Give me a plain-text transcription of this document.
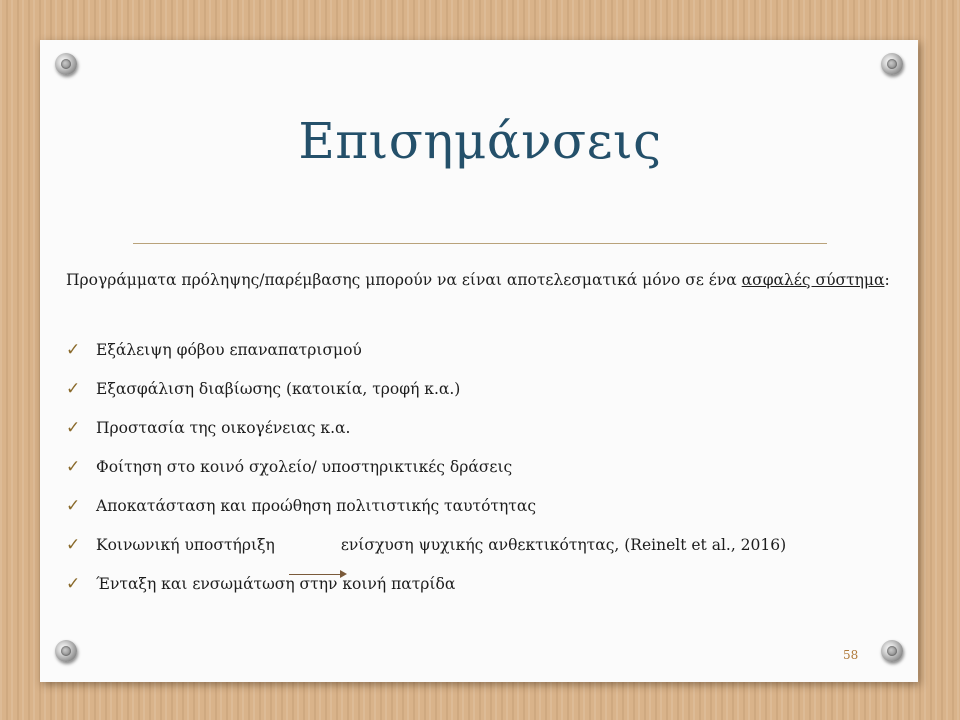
Επισημάνσεις
Προγράμματα πρόληψης/παρέμβασης μπορούν να είναι αποτελεσματικά μόνο σε ένα ασφαλές σύστημα:
✓	Εξάλειψη φόβου επαναπατρισμού
✓	Εξασφάλιση διαβίωσης (κατοικία, τροφή κ.α.)
✓	Προστασία της οικογένειας κ.α.
✓	Φοίτηση στο κοινό σχολείο/ υποστηρικτικές δράσεις
✓	Αποκατάσταση και προώθηση πολιτιστικής ταυτότητας
✓	Κοινωνική υποστήριξη	ενίσχυση ψυχικής ανθεκτικότητας, (Reinelt et al., 2016)
✓	Ένταξη και ενσωμάτωση στην κοινή πατρίδα
58
